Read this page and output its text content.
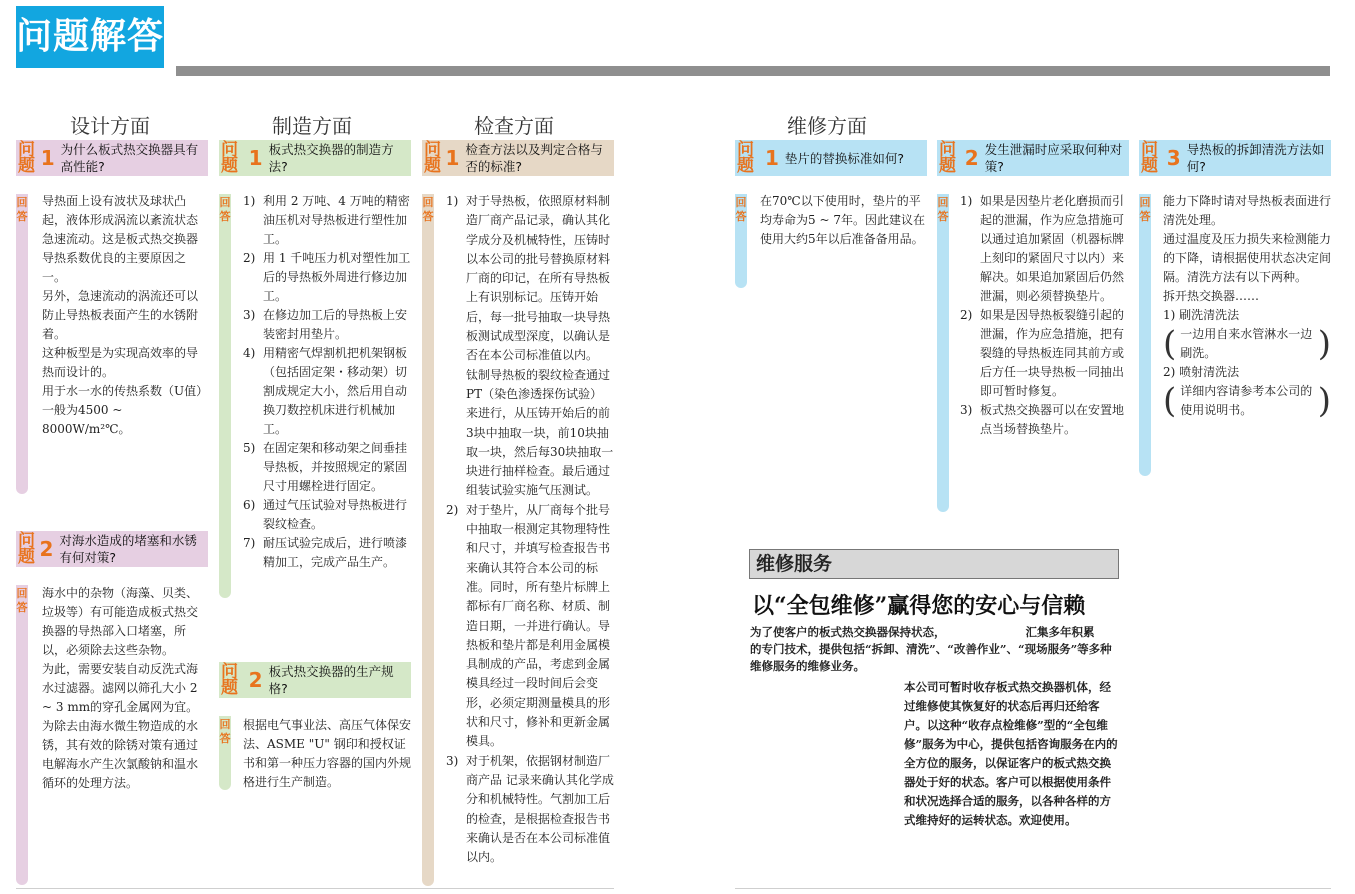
问题解答
设计方面	制造方面	检查方面	维修方面
问
题 1 为什么板式热交换器具有高性能?
回
答

导热面上设有波状及球状凸起，液体形成涡流以紊流状态急速流动。这是板式热交换器导热系数优良的主要原因之一。

另外，急速流动的涡流还可以防止导热板表面产生的水锈附着。

这种板型是为实现高效率的导热而设计的。

用于水一水的传热系数（U值）一般为4500 ~ 8000W/m²℃。

问
题 2 对海水造成的堵塞和水锈有何对策?
回
答

海水中的杂物（海藻、贝类、垃圾等）有可能造成板式热交换器的导热部入口堵塞，所以，必须除去这些杂物。

为此，需要安装自动反洗式海水过滤器。滤网以筛孔大小 2 ~ 3 mm的穿孔金属网为宜。

为除去由海水微生物造成的水锈，其有效的除锈对策有通过电解海水产生次氯酸钠和温水循环的处理方法。

问
题 1 板式热交换器的制造方法?
回
答
1) 利用 2 万吨、4 万吨的精密油压机对导热板进行塑性加工。
2) 用 1 千吨压力机对塑性加工后的导热板外周进行修边加工。
3) 在修边加工后的导热板上安装密封用垫片。
4) 用精密气焊割机把机架钢板（包括固定架・移动架）切割成规定大小，然后用自动换刀数控机床进行机械加工。
5) 在固定架和移动架之间垂挂导热板，并按照规定的紧固尺寸用螺栓进行固定。
6) 通过气压试验对导热板进行裂纹检查。
7) 耐压试验完成后，进行喷漆精加工，完成产品生产。
问
题 2 板式热交换器的生产规格?
回
答
根据电气事业法、高压气体保安法、ASME "U" 钢印和授权证书和第一种压力容器的国内外规格进行生产制造。
问
题 1 检查方法以及判定合格与否的标准?
回
答
1) 对于导热板，依照原材料制造厂商产品记录，确认其化学成分及机械特性，压铸时以本公司的批号替换原材料厂商的印记，在所有导热板上有识别标记。压铸开始后，每一批号抽取一块导热板测试成型深度，以确认是否在本公司标准值以内。

钛制导热板的裂纹检查通过 PT（染色渗透探伤试验）来进行，从压铸开始后的前3块中抽取一块，前10块抽取一块，然后每30块抽取一块进行抽样检查。最后通过组装试验实施气压测试。

2) 对于垫片，从厂商每个批号中抽取一根测定其物理特性和尺寸，并填写检查报告书来确认其符合本公司的标准。同时，所有垫片标牌上都标有厂商名称、材质、制造日期，一并进行确认。导热板和垫片都是利用金属模具制成的产品，考虑到金属模具经过一段时间后会变形，必须定期测量模具的形状和尺寸，修补和更新金属模具。

3) 对于机架，依据钢材制造厂商产品 记录来确认其化学成分和机械特性。气割加工后的检查，是根据检查报告书来确认是否在本公司标准值以内。

问
题 1 垫片的替换标准如何?
回
答
在70℃以下使用时，垫片的平均寿命为5 ~ 7年。因此建议在使用大约5年以后准备备用品。
问
题 2 发生泄漏时应采取何种对策?
回
答
1) 如果是因垫片老化磨损而引起的泄漏，作为应急措施可以通过追加紧固（机器标牌上刻印的紧固尺寸以内）来解决。如果追加紧固后仍然泄漏，则必须替换垫片。
2) 如果是因导热板裂缝引起的泄漏，作为应急措施，把有裂缝的导热板连同其前方或后方任一块导热板一同抽出即可暂时修复。
3) 板式热交换器可以在安置地点当场替换垫片。
问
题 3 导热板的拆卸清洗方法如何?
回
答

能力下降时请对导热板表面进行清洗处理。

通过温度及压力损失来检测能力的下降，请根据使用状态决定间隔。清洗方法有以下两种。

拆开热交换器……

1) 刷洗清洗法
( 一边用自来水管淋水一边刷洗。	)
2) 喷射清洗法
( 详细内容请参考本公司的使用说明书。	)
维修服务
以“全包维修”赢得您的安心与信赖
为了使客户的板式热交换器保持状态，	汇集多年积累
的专门技术，提供包括“拆卸、清洗”、“改善作业”、“现场服务”等多种维修服务的维修业务。
本公司可暂时收存板式热交换器机体，经过维修使其恢复好的状态后再归还给客户。以这种“收存点检维修”型的“全包维修”服务为中心，提供包括咨询服务在内的全方位的服务，以保证客户的板式热交换器处于好的状态。客户可以根据使用条件和状况选择合适的服务，以各种各样的方式维持好的运转状态。欢迎使用。
